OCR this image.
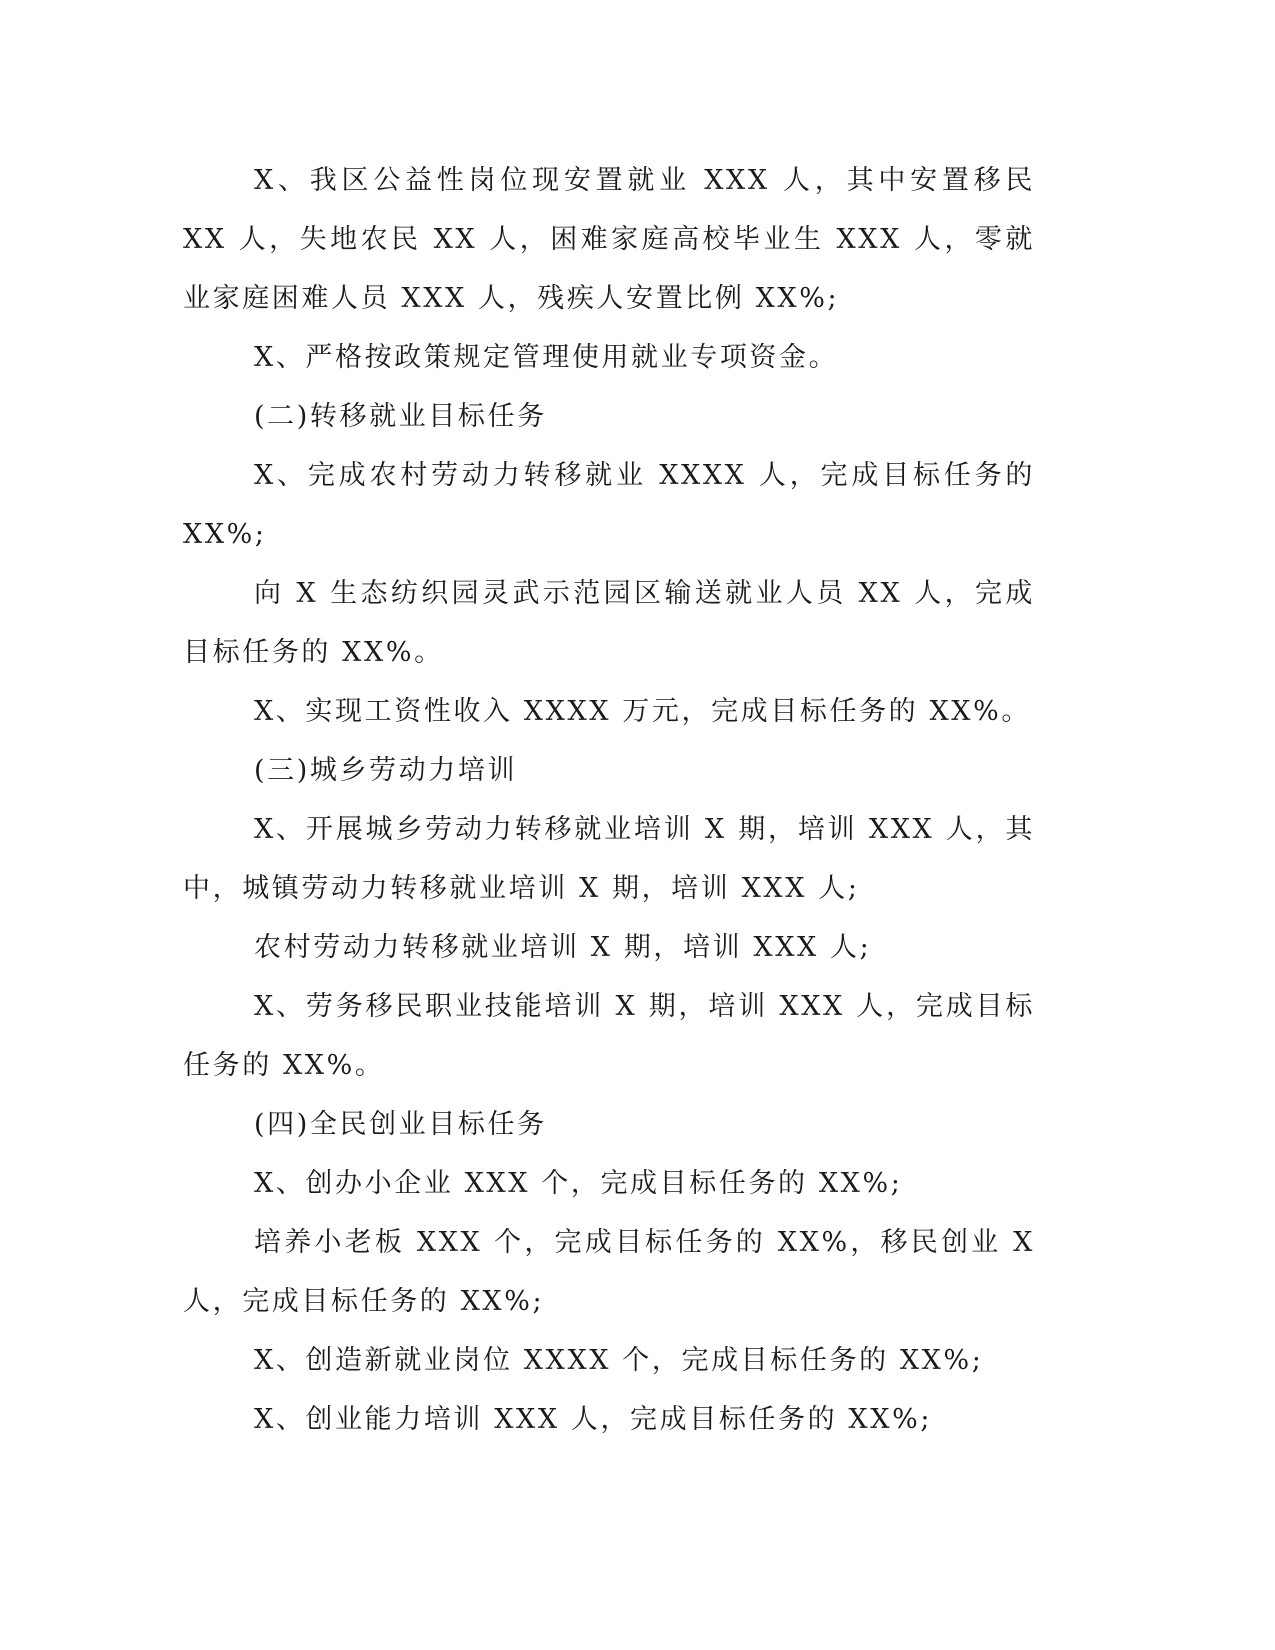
X、我区公益性岗位现安置就业 XXX 人，其中安置移民 XX 人，失地农民 XX 人，困难家庭高校毕业生 XXX 人，零就业家庭困难人员 XXX 人，残疾人安置比例 XX%;

X、严格按政策规定管理使用就业专项资金。

(二)转移就业目标任务

X、完成农村劳动力转移就业 XXXX 人，完成目标任务的 XX%;

向 X 生态纺织园灵武示范园区输送就业人员 XX 人，完成目标任务的 XX%。

X、实现工资性收入 XXXX 万元，完成目标任务的 XX%。

(三)城乡劳动力培训

X、开展城乡劳动力转移就业培训 X 期，培训 XXX 人，其中，城镇劳动力转移就业培训 X 期，培训 XXX 人;

农村劳动力转移就业培训 X 期，培训 XXX 人;

X、劳务移民职业技能培训 X 期，培训 XXX 人，完成目标任务的 XX%。

(四)全民创业目标任务

X、创办小企业 XXX 个，完成目标任务的 XX%;

培养小老板 XXX 个，完成目标任务的 XX%，移民创业 X 人，完成目标任务的 XX%;

X、创造新就业岗位 XXXX 个，完成目标任务的 XX%;

X、创业能力培训 XXX 人，完成目标任务的 XX%;
